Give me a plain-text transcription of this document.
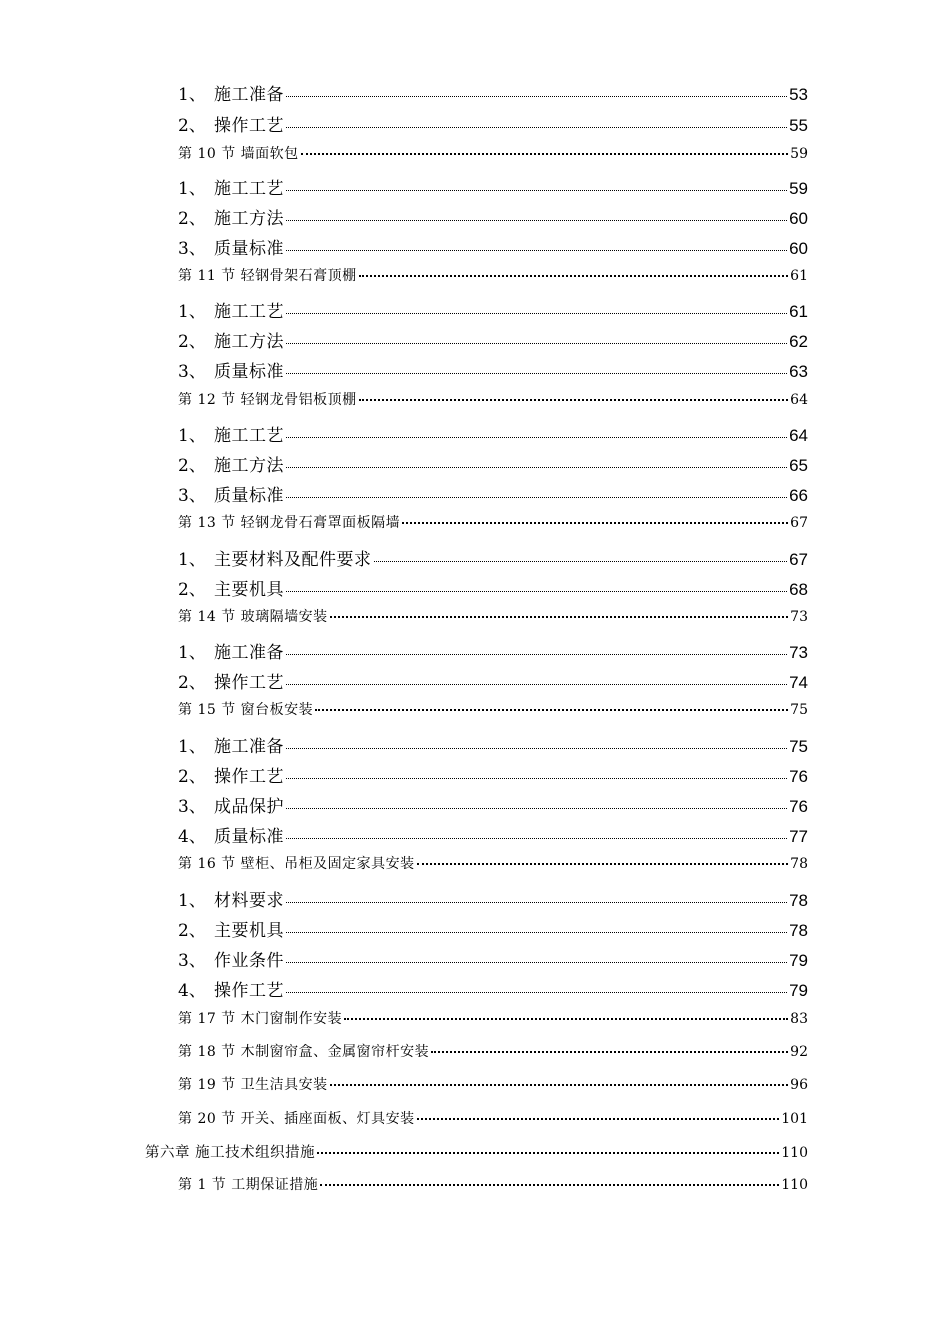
1、 施工准备	53
2、 操作工艺	55
第 10 节 墙面软包	59
1、 施工工艺	59
2、 施工方法	60
3、 质量标准	60
第 11 节 轻钢骨架石膏顶棚	61
1、 施工工艺	61
2、 施工方法	62
3、 质量标准	63
第 12 节 轻钢龙骨铝板顶棚	64
1、 施工工艺	64
2、 施工方法	65
3、 质量标准	66
第 13 节 轻钢龙骨石膏罩面板隔墙	67
1、 主要材料及配件要求	67
2、 主要机具	68
第 14 节 玻璃隔墙安装	73
1、 施工准备	73
2、 操作工艺	74
第 15 节 窗台板安装	75
1、 施工准备	75
2、 操作工艺	76
3、 成品保护	76
4、 质量标准	77
第 16 节 壁柜、吊柜及固定家具安装	78
1、 材料要求	78
2、 主要机具	78
3、 作业条件	79
4、 操作工艺	79
第 17 节 木门窗制作安装	83
第 18 节 木制窗帘盒、金属窗帘杆安装	92
第 19 节 卫生洁具安装	96
第 20 节 开关、插座面板、灯具安装	101
第六章 施工技术组织措施	110
第 1 节 工期保证措施	110
